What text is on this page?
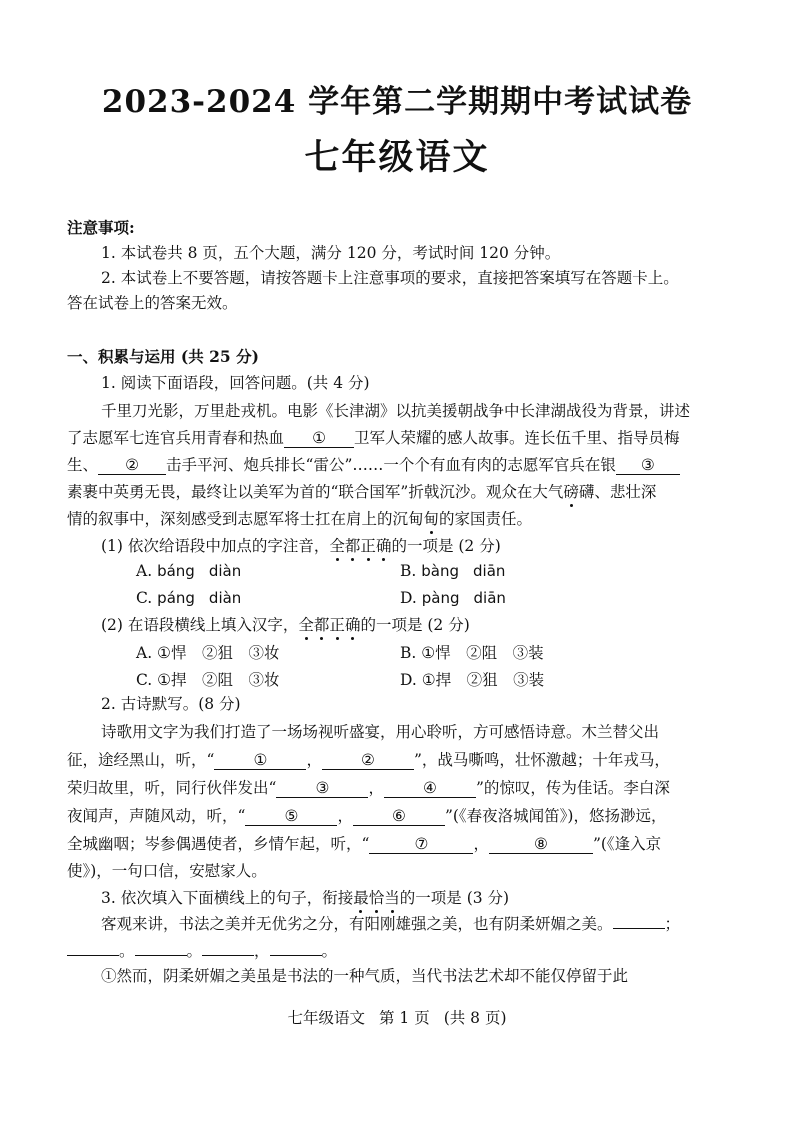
2023-2024 学年第二学期期中考试试卷
七年级语文
注意事项:
1. 本试卷共 8 页，五个大题，满分 120 分，考试时间 120 分钟。
2. 本试卷上不要答题，请按答题卡上注意事项的要求，直接把答案填写在答题卡上。
答在试卷上的答案无效。
一、积累与运用 (共 25 分)
1. 阅读下面语段，回答问题。(共 4 分)
千里刀光影，万里赴戎机。电影《长津湖》以抗美援朝战争中长津湖战役为背景，讲述
了志愿军七连官兵用青春和热血 ① 卫军人荣耀的感人故事。连长伍千里、指导员梅
生、 ② 击手平河、炮兵排长“雷公”……一个个有血有肉的志愿军官兵在银 ③
素裹中英勇无畏，最终让以美军为首的“联合国军”折戟沉沙。观众在大气磅礴、悲壮深
情的叙事中，深刻感受到志愿军将士扛在肩上的沉甸甸的家国责任。
(1) 依次给语段中加点的字注音，全都正确的一项是 (2 分)
A. báng diàn	B. bàng diān
C. páng diàn	D. pàng diān
(2) 在语段横线上填入汉字，全都正确的一项是 (2 分)
A. ①悍　②狙　③妆	B. ①悍　②阻　③装
C. ①捍　②阻　③妆	D. ①捍　②狙　③装
2. 古诗默写。(8 分)
诗歌用文字为我们打造了一场场视听盛宴，用心聆听，方可感悟诗意。木兰替父出
征，途经黑山，听，“	①	，	②	”，战马嘶鸣，壮怀激越；十年戎马，
荣归故里，听，同行伙伴发出“	③	，	④	”的惊叹，传为佳话。李白深
夜闻声，声随风动，听，“	⑤	，	⑥	”(《春夜洛城闻笛》)，悠扬渺远，
全城幽咽；岑参偶遇使者，乡情乍起，听，“	⑦	，	⑧	”(《逢入京
使》)，一句口信，安慰家人。
3. 依次填入下面横线上的句子，衔接最恰当的一项是 (3 分)
客观来讲，书法之美并无优劣之分，有阳刚雄强之美，也有阴柔妍媚之美。	；
。	。	，	。
①然而，阴柔妍媚之美虽是书法的一种气质，当代书法艺术却不能仅停留于此
七年级语文 第 1 页 (共 8 页)
